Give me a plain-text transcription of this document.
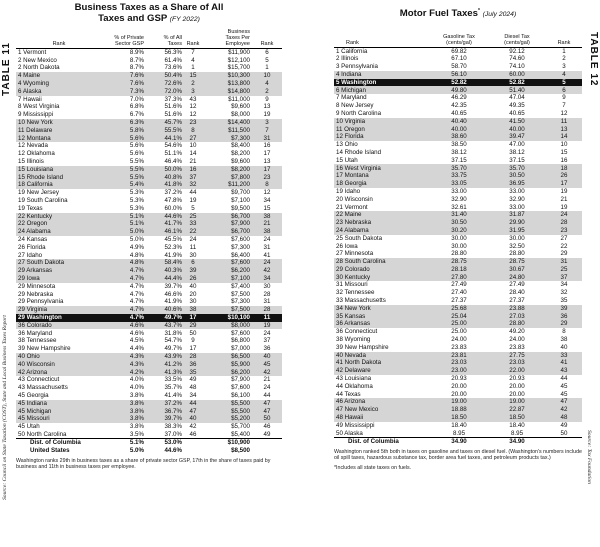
TABLE 11
Source: Council on State Taxation (COST), State and Local Business Taxes Report
Business Taxes as a Share of All
Taxes and GSP (FY 2022)
Rank	% of Private
Sector GSP	% of All
Taxes	Rank	Business
Taxes Per
Employee	Rank
1 Vermont	8.9%	56.3%	7	$11,900	6
2 New Mexico	8.7%	61.4%	4	$12,100	5
2 North Dakota	8.7%	73.6%	1	$15,700	1
4 Maine	7.6%	50.4%	15	$10,300	10
4 Wyoming	7.6%	72.6%	2	$13,800	4
6 Alaska	7.3%	72.0%	3	$14,800	2
7 Hawaii	7.0%	37.3%	43	$11,000	9
8 West Virginia	6.8%	51.6%	12	$9,600	13
9 Mississippi	6.7%	51.6%	12	$8,000	19
10 New York	6.3%	45.7%	23	$14,400	3
11 Delaware	5.8%	55.5%	8	$11,500	7
12 Montana	5.6%	44.1%	27	$7,300	31
12 Nevada	5.6%	54.6%	10	$8,400	16
12 Oklahoma	5.6%	51.1%	14	$8,200	17
15 Illinois	5.5%	46.4%	21	$9,600	13
15 Louisiana	5.5%	50.0%	16	$8,200	17
15 Rhode Island	5.5%	40.8%	37	$7,800	23
18 California	5.4%	41.8%	32	$11,200	8
19 New Jersey	5.3%	37.2%	44	$9,700	12
19 South Carolina	5.3%	47.8%	19	$7,100	34
19 Texas	5.3%	60.0%	5	$9,500	15
22 Kentucky	5.1%	44.6%	25	$6,700	38
22 Oregon	5.1%	41.7%	33	$7,900	21
24 Alabama	5.0%	46.1%	22	$6,700	38
24 Kansas	5.0%	45.5%	24	$7,600	24
26 Florida	4.9%	52.3%	11	$7,300	31
27 Idaho	4.8%	41.9%	30	$6,400	41
27 South Dakota	4.8%	58.4%	6	$7,600	24
29 Arkansas	4.7%	40.3%	39	$6,200	42
29 Iowa	4.7%	44.4%	26	$7,100	34
29 Minnesota	4.7%	39.7%	40	$7,400	30
29 Nebraska	4.7%	46.6%	20	$7,500	28
29 Pennsylvania	4.7%	41.9%	30	$7,300	31
29 Virginia	4.7%	40.6%	38	$7,500	28
29 Washington	4.7%	49.7%	17	$10,100	11
36 Colorado	4.6%	43.7%	29	$8,000	19
36 Maryland	4.6%	31.8%	50	$7,600	24
38 Tennessee	4.5%	54.7%	9	$6,800	37
39 New Hampshire	4.4%	49.7%	17	$7,000	36
40 Ohio	4.3%	43.9%	28	$6,500	40
40 Wisconsin	4.3%	41.2%	36	$5,900	45
42 Arizona	4.2%	41.3%	35	$6,200	42
43 Connecticut	4.0%	33.5%	49	$7,900	21
43 Massachusetts	4.0%	35.7%	48	$7,600	24
45 Georgia	3.8%	41.4%	34	$6,100	44
45 Indiana	3.8%	37.2%	44	$5,500	47
45 Michigan	3.8%	36.7%	47	$5,500	47
45 Missouri	3.8%	39.7%	40	$5,200	50
45 Utah	3.8%	38.3%	42	$5,700	46
50 North Carolina	3.5%	37.0%	46	$5,400	49
Dist. of Columbia	5.1%	53.0%		$10,900	
United States	5.0%	44.6%		$8,500	
Washington ranks 29th in business taxes as a share of private sector GSP, 17th in the share of taxes paid by business and 11th in business taxes per employee.
TABLE 12
Source: Tax Foundation
Motor Fuel Taxes* (July 2024)
Rank	Gasoline Tax
(cents/gal)	Diesel Tax
(cents/gal)	Rank
1 California	69.82	92.12	1
2 Illinois	67.10	74.60	2
3 Pennsylvania	58.70	74.10	3
4 Indiana	56.10	60.00	4
5 Washington	52.82	52.82	5
6 Michigan	49.80	51.40	6
7 Maryland	46.29	47.04	9
8 New Jersey	42.35	49.35	7
9 North Carolina	40.65	40.65	12
10 Virginia	40.40	41.50	11
11 Oregon	40.00	40.00	13
12 Florida	38.60	39.47	14
13 Ohio	38.50	47.00	10
14 Rhode Island	38.12	38.12	15
15 Utah	37.15	37.15	16
16 West Virginia	35.70	35.70	18
17 Montana	33.75	30.50	26
18 Georgia	33.05	36.95	17
19 Idaho	33.00	33.00	19
20 Wisconsin	32.90	32.90	21
21 Vermont	32.61	33.00	19
22 Maine	31.40	31.87	24
23 Nebraska	30.50	29.90	28
24 Alabama	30.20	31.95	23
25 South Dakota	30.00	30.00	27
26 Iowa	30.00	32.50	22
27 Minnesota	28.80	28.80	29
28 South Carolina	28.75	28.75	31
29 Colorado	28.18	30.67	25
30 Kentucky	27.80	24.80	37
31 Missouri	27.49	27.49	34
32 Tennessee	27.40	28.40	32
33 Massachusetts	27.37	27.37	35
34 New York	25.68	23.88	39
35 Kansas	25.04	27.03	36
36 Arkansas	25.00	28.80	29
36 Connecticut	25.00	49.20	8
38 Wyoming	24.00	24.00	38
39 New Hampshire	23.83	23.83	40
40 Nevada	23.81	27.75	33
41 North Dakota	23.03	23.03	41
42 Delaware	23.00	22.00	43
43 Louisiana	20.93	20.93	44
44 Oklahoma	20.00	20.00	45
44 Texas	20.00	20.00	45
46 Arizona	19.00	19.00	47
47 New Mexico	18.88	22.87	42
48 Hawaii	18.50	18.50	48
49 Mississippi	18.40	18.40	49
50 Alaska	8.95	8.95	50
Dist. of Columbia	34.90	34.90	
Washington ranked 5th both in taxes on gasoline and taxes on diesel fuel. (Washington's numbers include oil spill taxes, hazardous substance tax, border area fuel taxes, and petroleum products tax.)
*Includes all state taxes on fuels.
